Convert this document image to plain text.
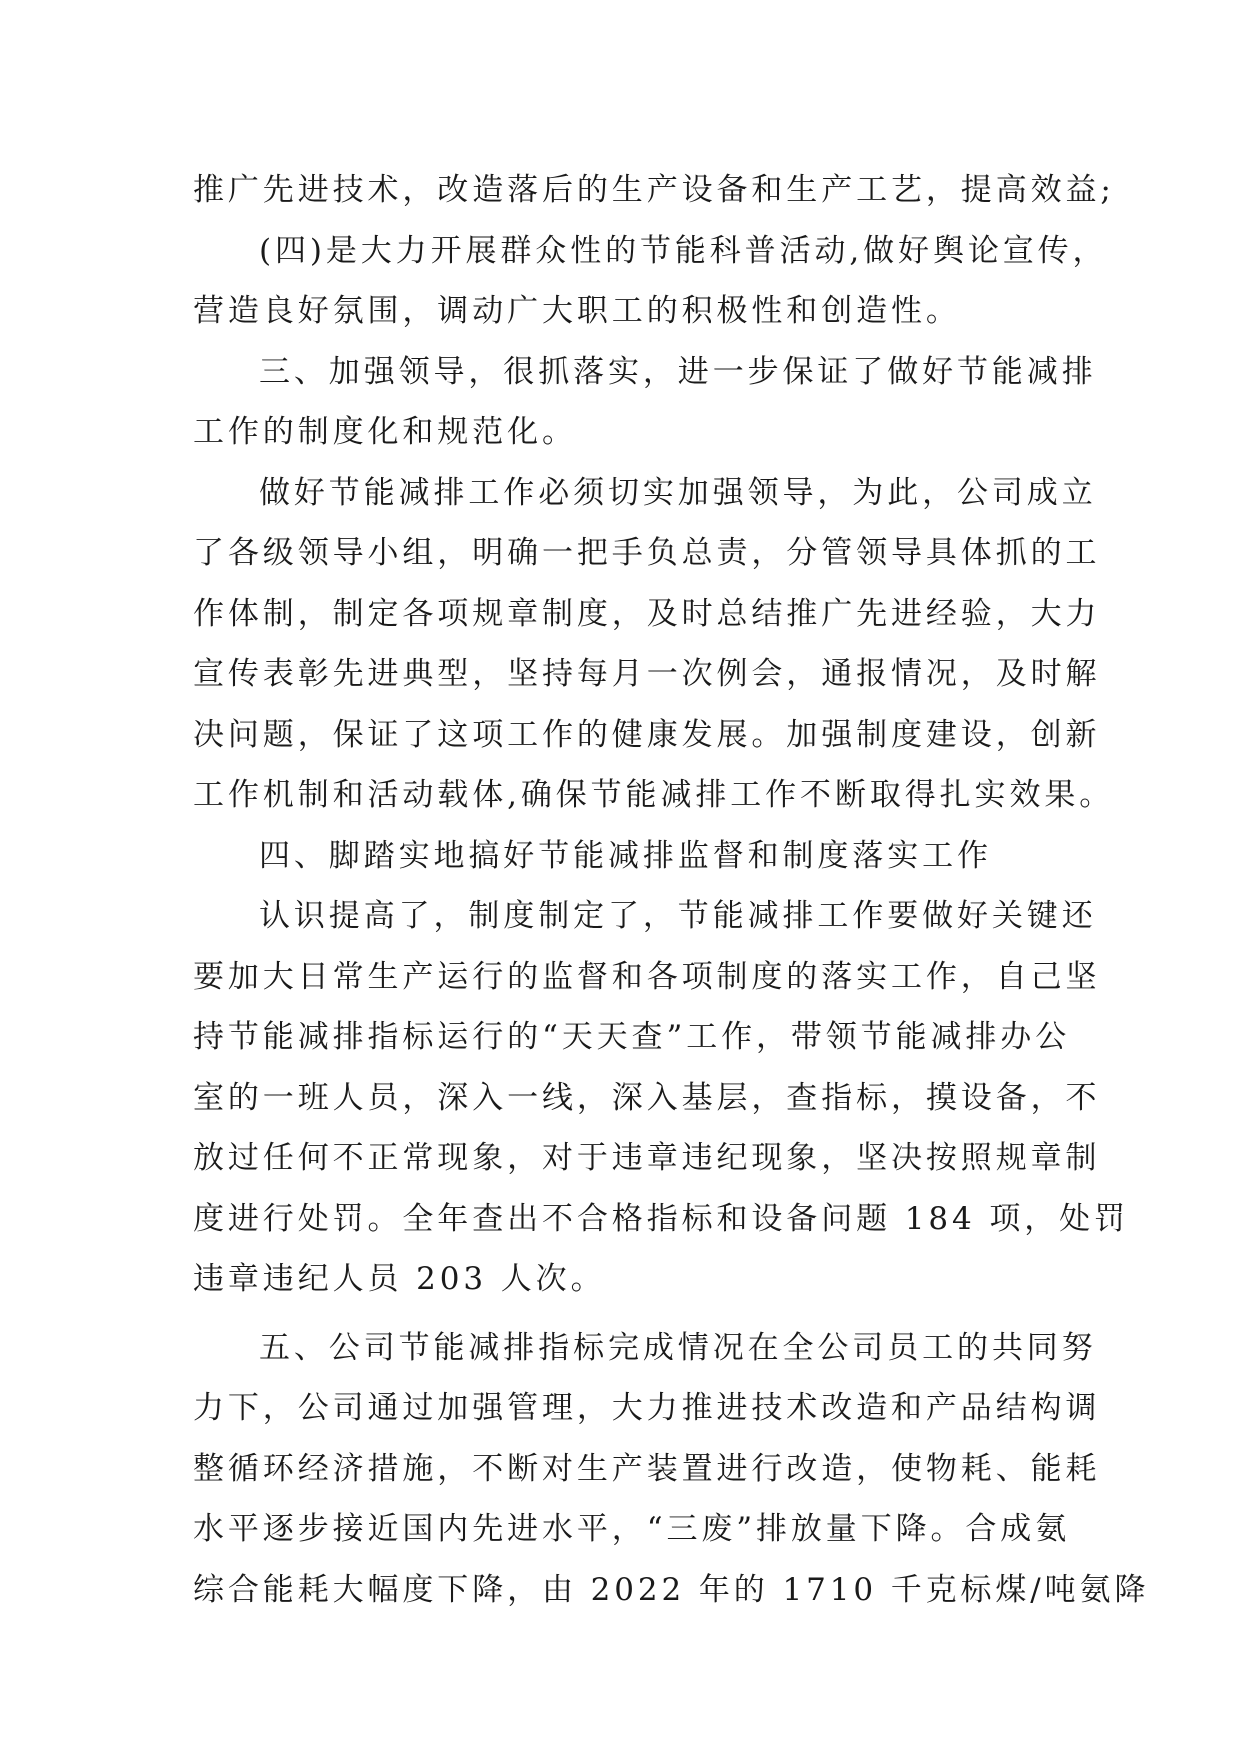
推广先进技术，改造落后的生产设备和生产工艺，提高效益;
(四)是大力开展群众性的节能科普活动,做好舆论宣传，
营造良好氛围，调动广大职工的积极性和创造性。
三、加强领导，很抓落实，进一步保证了做好节能减排
工作的制度化和规范化。
做好节能减排工作必须切实加强领导，为此，公司成立
了各级领导小组，明确一把手负总责，分管领导具体抓的工
作体制，制定各项规章制度，及时总结推广先进经验，大力
宣传表彰先进典型，坚持每月一次例会，通报情况，及时解
决问题，保证了这项工作的健康发展。加强制度建设，创新
工作机制和活动载体,确保节能减排工作不断取得扎实效果。
四、脚踏实地搞好节能减排监督和制度落实工作
认识提高了，制度制定了，节能减排工作要做好关键还
要加大日常生产运行的监督和各项制度的落实工作，自己坚
持节能减排指标运行的“天天查”工作，带领节能减排办公
室的一班人员，深入一线，深入基层，查指标，摸设备，不
放过任何不正常现象，对于违章违纪现象，坚决按照规章制
度进行处罚。全年查出不合格指标和设备问题 184 项，处罚
违章违纪人员 203 人次。
五、公司节能减排指标完成情况在全公司员工的共同努
力下，公司通过加强管理，大力推进技术改造和产品结构调
整循环经济措施，不断对生产装置进行改造，使物耗、能耗
水平逐步接近国内先进水平，“三废”排放量下降。合成氨
综合能耗大幅度下降，由 2022 年的 1710 千克标煤/吨氨降
